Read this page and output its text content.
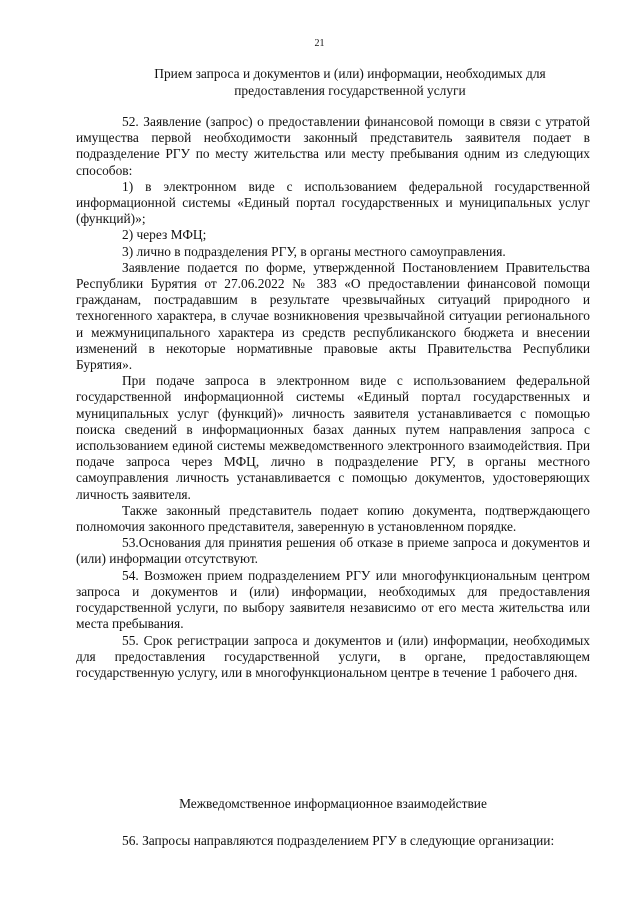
21
Прием запроса и документов и (или) информации, необходимых для
предоставления государственной услуги

52. Заявление (запрос) о предоставлении финансовой помощи в связи с утратой имущества первой необходимости законный представитель заявителя подает в подразделение РГУ по месту жительства или месту пребывания одним из следующих способов:

1) в электронном виде с использованием федеральной государственной информационной системы «Единый портал государственных и муниципальных услуг (функций)»;

2) через МФЦ;

3) лично в подразделения РГУ, в органы местного самоуправления.

Заявление подается по форме, утвержденной Постановлением Правительства Республики Бурятия от 27.06.2022 № 383 «О предоставлении финансовой помощи гражданам, пострадавшим в результате чрезвычайных ситуаций природного и техногенного характера, в случае возникновения чрезвычайной ситуации регионального и межмуниципального характера из средств республиканского бюджета и внесении изменений в некоторые нормативные правовые акты Правительства Республики Бурятия».

При подаче запроса в электронном виде с использованием федеральной государственной информационной системы «Единый портал государственных и муниципальных услуг (функций)» личность заявителя устанавливается с помощью поиска сведений в информационных базах данных путем направления запроса с использованием единой системы межведомственного электронного взаимодействия. При подаче запроса через МФЦ, лично в подразделение РГУ, в органы местного самоуправления личность устанавливается с помощью документов, удостоверяющих личность заявителя.

Также законный представитель подает копию документа, подтверждающего полномочия законного представителя, заверенную в установленном порядке.

53.Основания для принятия решения об отказе в приеме запроса и документов и (или) информации отсутствуют.

54. Возможен прием подразделением РГУ или многофункциональным центром запроса и документов и (или) информации, необходимых для предоставления государственной услуги, по выбору заявителя независимо от его места жительства или места пребывания.

55. Срок регистрации запроса и документов и (или) информации, необходимых для предоставления государственной услуги, в органе, предоставляющем государственную услугу, или в многофункциональном центре в течение 1 рабочего дня.

Межведомственное информационное взаимодействие

56. Запросы направляются подразделением РГУ в следующие организации:
